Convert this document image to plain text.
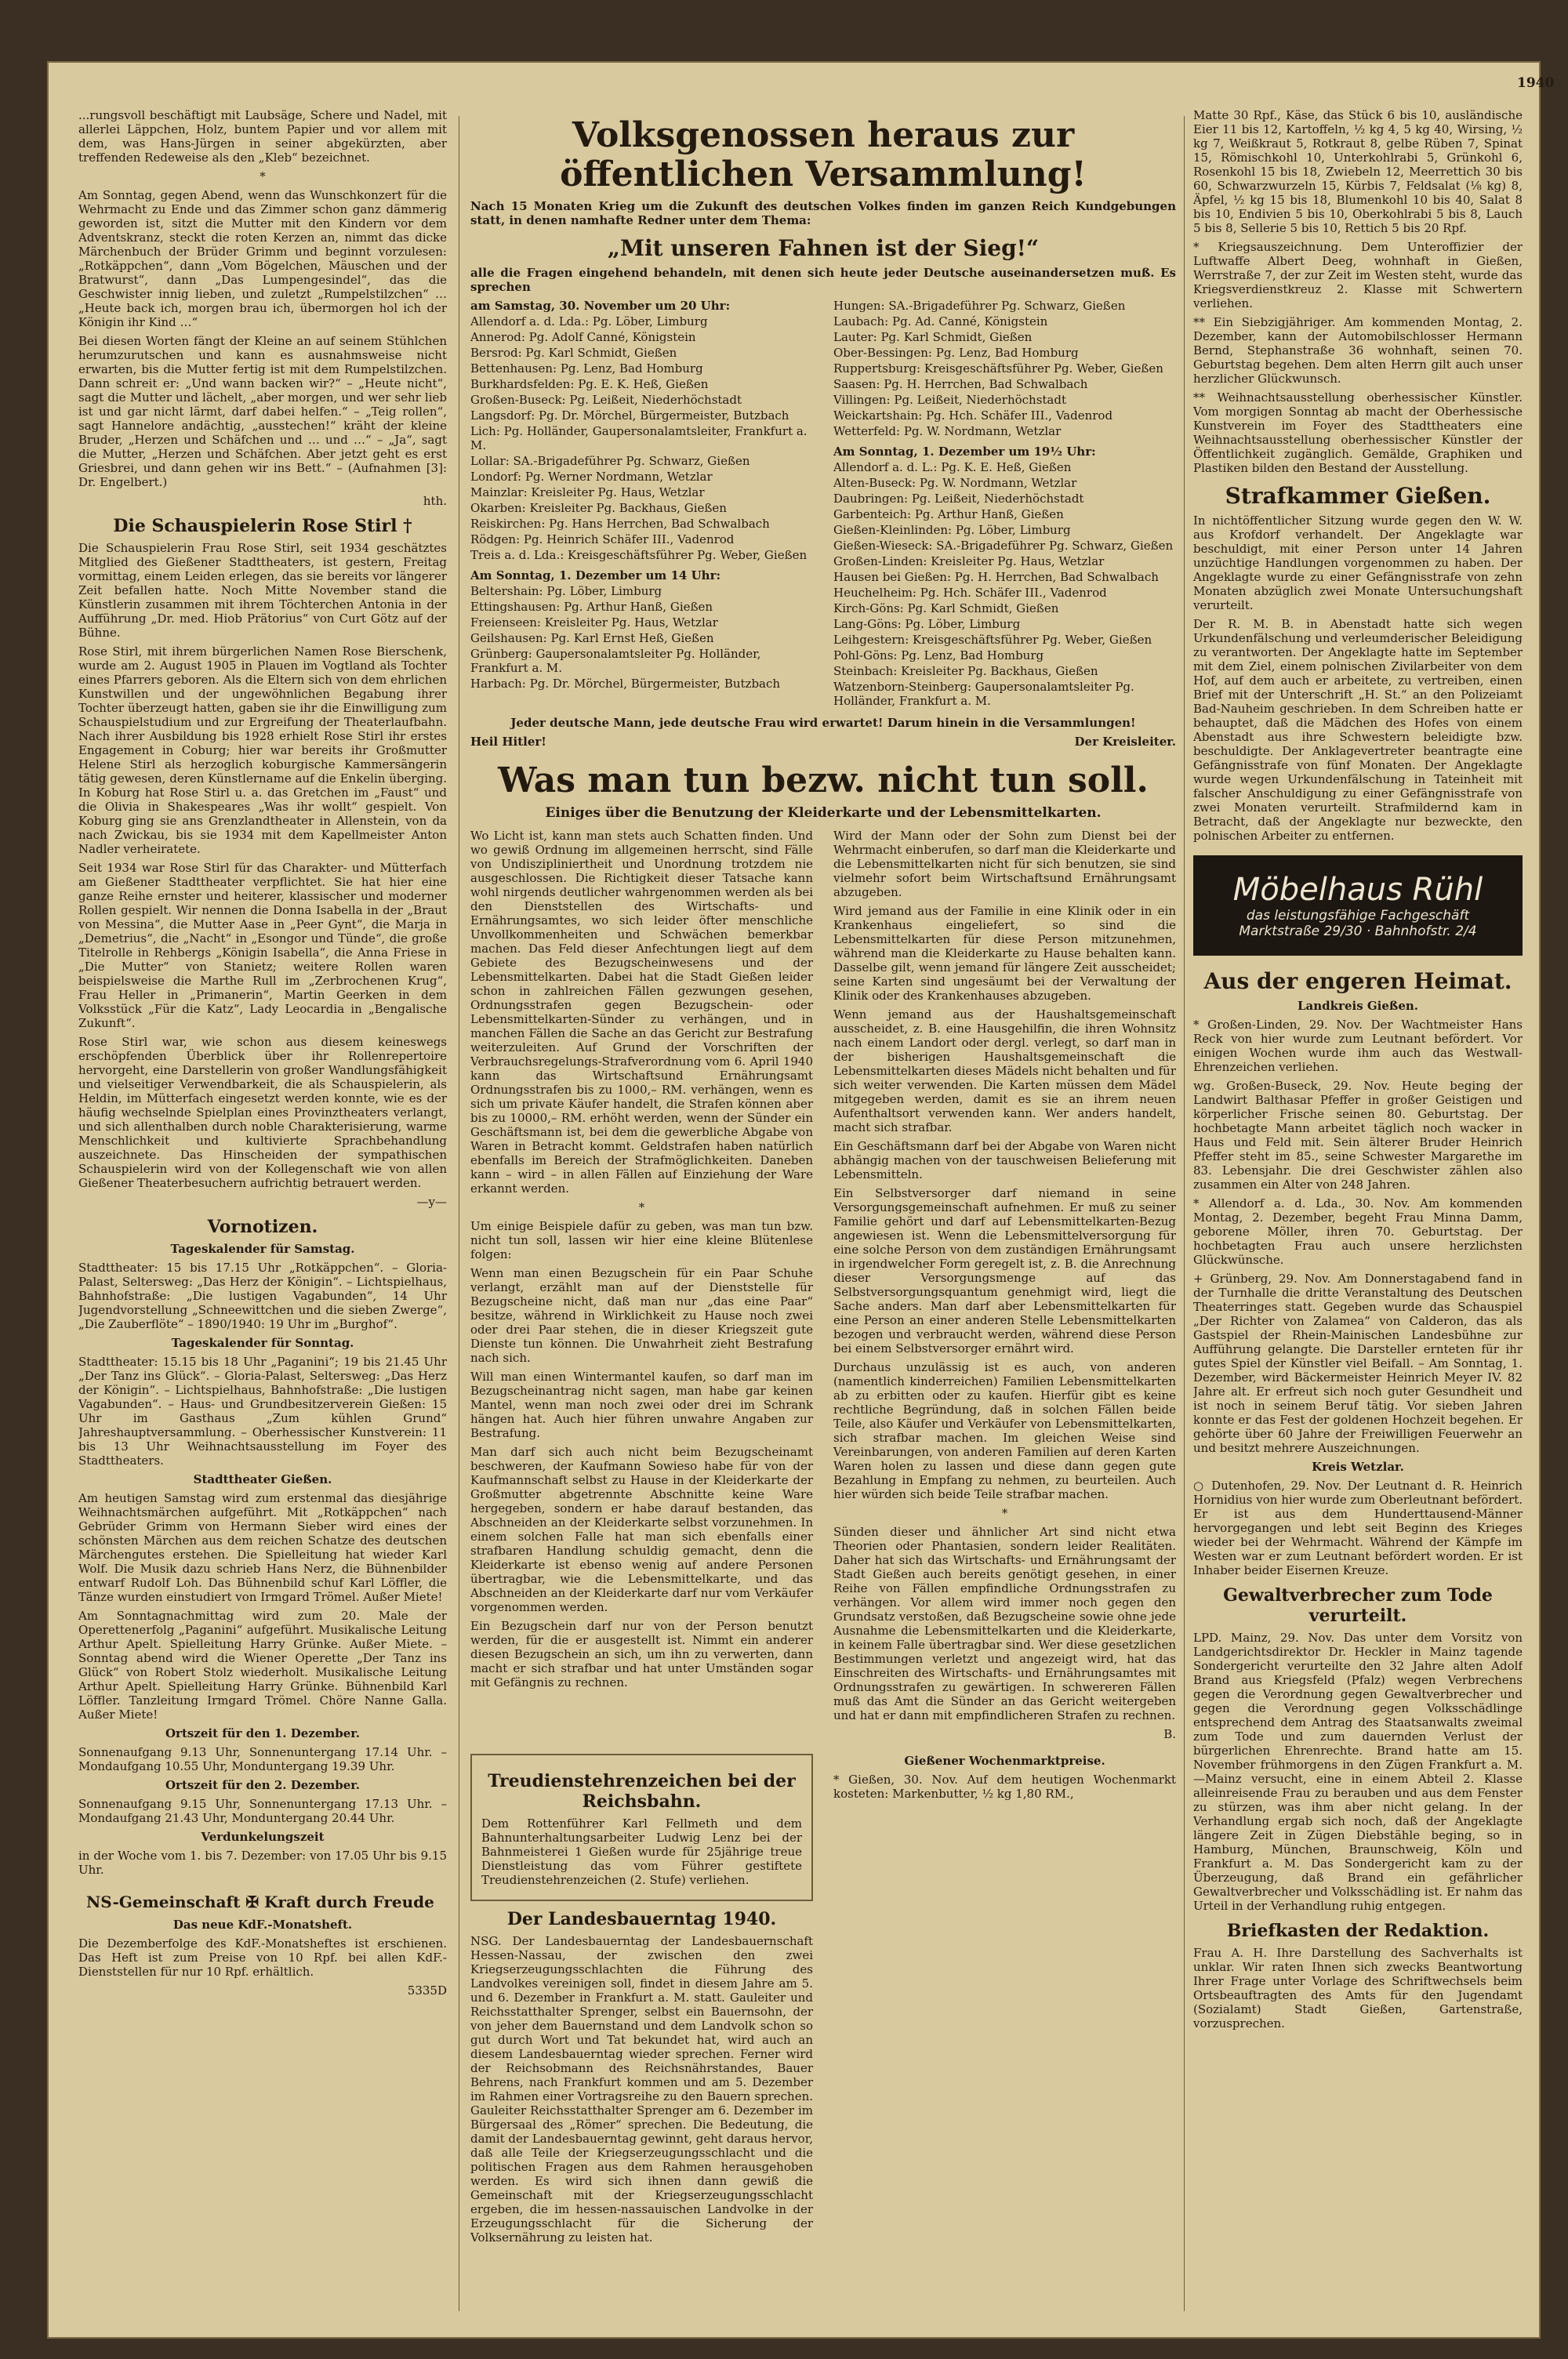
...rungsvoll beschäftigt mit Laubsäge, Schere und Nadel, mit allerlei Läppchen, Holz, buntem Papier und vor allem mit dem, was Hans-Jürgen in seiner abgekürzten, aber treffenden Redeweise als den „Kleb“ bezeichnet.

*

Am Sonntag, gegen Abend, wenn das Wunschkonzert für die Wehrmacht zu Ende und das Zimmer schon ganz dämmerig geworden ist, sitzt die Mutter mit den Kindern vor dem Adventskranz, steckt die roten Kerzen an, nimmt das dicke Märchenbuch der Brüder Grimm und beginnt vorzulesen: „Rotkäppchen“, dann „Vom Bögelchen, Mäuschen und der Bratwurst“, dann „Das Lumpengesindel“, das die Geschwister innig lieben, und zuletzt „Rumpelstilzchen“ … „Heute back ich, morgen brau ich, übermorgen hol ich der Königin ihr Kind …“

Bei diesen Worten fängt der Kleine an auf seinem Stühlchen herumzurutschen und kann es ausnahmsweise nicht erwarten, bis die Mutter fertig ist mit dem Rumpelstilzchen. Dann schreit er: „Und wann backen wir?“ – „Heute nicht“, sagt die Mutter und lächelt, „aber morgen, und wer sehr lieb ist und gar nicht lärmt, darf dabei helfen.“ – „Teig rollen“, sagt Hannelore andächtig, „ausstechen!“ kräht der kleine Bruder, „Herzen und Schäfchen und … und …“ – „Ja“, sagt die Mutter, „Herzen und Schäfchen. Aber jetzt geht es erst Griesbrei, und dann gehen wir ins Bett.“ – (Aufnahmen [3]: Dr. Engelbert.)

hth.

Die Schauspielerin Rose Stirl †

Die Schauspielerin Frau Rose Stirl, seit 1934 geschätztes Mitglied des Gießener Stadttheaters, ist gestern, Freitag vormittag, einem Leiden erlegen, das sie bereits vor längerer Zeit befallen hatte. Noch Mitte November stand die Künstlerin zusammen mit ihrem Töchterchen Antonia in der Aufführung „Dr. med. Hiob Prätorius“ von Curt Götz auf der Bühne.

Rose Stirl, mit ihrem bürgerlichen Namen Rose Bierschenk, wurde am 2. August 1905 in Plauen im Vogtland als Tochter eines Pfarrers geboren. Als die Eltern sich von dem ehrlichen Kunstwillen und der ungewöhnlichen Begabung ihrer Tochter überzeugt hatten, gaben sie ihr die Einwilligung zum Schauspielstudium und zur Ergreifung der Theaterlaufbahn. Nach ihrer Ausbildung bis 1928 erhielt Rose Stirl ihr erstes Engagement in Coburg; hier war bereits ihr Großmutter Helene Stirl als herzoglich koburgische Kammersängerin tätig gewesen, deren Künstlername auf die Enkelin überging. In Koburg hat Rose Stirl u. a. das Gretchen im „Faust“ und die Olivia in Shakespeares „Was ihr wollt“ gespielt. Von Koburg ging sie ans Grenzlandtheater in Allenstein, von da nach Zwickau, bis sie 1934 mit dem Kapellmeister Anton Nadler verheiratete.

Seit 1934 war Rose Stirl für das Charakter- und Mütterfach am Gießener Stadttheater verpflichtet. Sie hat hier eine ganze Reihe ernster und heiterer, klassischer und moderner Rollen gespielt. Wir nennen die Donna Isabella in der „Braut von Messina“, die Mutter Aase in „Peer Gynt“, die Marja in „Demetrius“, die „Nacht“ in „Esongor und Tünde“, die große Titelrolle in Rehbergs „Königin Isabella“, die Anna Friese in „Die Mutter“ von Stanietz; weitere Rollen waren beispielsweise die Marthe Rull im „Zerbrochenen Krug“, Frau Heller in „Primanerin“, Martin Geerken in dem Volksstück „Für die Katz“, Lady Leocardia in „Bengalische Zukunft“.

Rose Stirl war, wie schon aus diesem keineswegs erschöpfenden Überblick über ihr Rollenrepertoire hervorgeht, eine Darstellerin von großer Wandlungsfähigkeit und vielseitiger Verwendbarkeit, die als Schauspielerin, als Heldin, im Mütterfach eingesetzt werden konnte, wie es der häufig wechselnde Spielplan eines Provinztheaters verlangt, und sich allenthalben durch noble Charakterisierung, warme Menschlichkeit und kultivierte Sprachbehandlung auszeichnete. Das Hinscheiden der sympathischen Schauspielerin wird von der Kollegenschaft wie von allen Gießener Theaterbesuchern aufrichtig betrauert werden.

—y—

Vornotizen.

Tageskalender für Samstag.

Stadttheater: 15 bis 17.15 Uhr „Rotkäppchen“. – Gloria-Palast, Seltersweg: „Das Herz der Königin“. – Lichtspielhaus, Bahnhofstraße: „Die lustigen Vagabunden“, 14 Uhr Jugendvorstellung „Schneewittchen und die sieben Zwerge“, „Die Zauberflöte“ – 1890/1940: 19 Uhr im „Burghof“.

Tageskalender für Sonntag.

Stadttheater: 15.15 bis 18 Uhr „Paganini“; 19 bis 21.45 Uhr „Der Tanz ins Glück“. – Gloria-Palast, Seltersweg: „Das Herz der Königin“. – Lichtspielhaus, Bahnhofstraße: „Die lustigen Vagabunden“. – Haus- und Grundbesitzerverein Gießen: 15 Uhr im Gasthaus „Zum kühlen Grund“ Jahreshauptversammlung. – Oberhessischer Kunstverein: 11 bis 13 Uhr Weihnachtsausstellung im Foyer des Stadttheaters.

Stadttheater Gießen.

Am heutigen Samstag wird zum erstenmal das diesjährige Weihnachtsmärchen aufgeführt. Mit „Rotkäppchen“ nach Gebrüder Grimm von Hermann Sieber wird eines der schönsten Märchen aus dem reichen Schatze des deutschen Märchengutes erstehen. Die Spielleitung hat wieder Karl Wolf. Die Musik dazu schrieb Hans Nerz, die Bühnenbilder entwarf Rudolf Loh. Das Bühnenbild schuf Karl Löffler, die Tänze wurden einstudiert von Irmgard Trömel. Außer Miete!

Am Sonntagnachmittag wird zum 20. Male der Operettenerfolg „Paganini“ aufgeführt. Musikalische Leitung Arthur Apelt. Spielleitung Harry Grünke. Außer Miete. – Sonntag abend wird die Wiener Operette „Der Tanz ins Glück“ von Robert Stolz wiederholt. Musikalische Leitung Arthur Apelt. Spielleitung Harry Grünke. Bühnenbild Karl Löffler. Tanzleitung Irmgard Trömel. Chöre Nanne Galla. Außer Miete!

Ortszeit für den 1. Dezember.

Sonnenaufgang 9.13 Uhr, Sonnenuntergang 17.14 Uhr. – Mondaufgang 10.55 Uhr, Monduntergang 19.39 Uhr.

Ortszeit für den 2. Dezember.

Sonnenaufgang 9.15 Uhr, Sonnenuntergang 17.13 Uhr. – Mondaufgang 21.43 Uhr, Monduntergang 20.44 Uhr.

Verdunkelungszeit

in der Woche vom 1. bis 7. Dezember: von 17.05 Uhr bis 9.15 Uhr.

NS-Gemeinschaft ✠ Kraft durch Freude

Das neue KdF.-Monatsheft.

Die Dezemberfolge des KdF.-Monatsheftes ist erschienen. Das Heft ist zum Preise von 10 Rpf. bei allen KdF.-Dienststellen für nur 10 Rpf. erhältlich.

5335D

Volksgenossen heraus zur öffentlichen Versammlung!

Nach 15 Monaten Krieg um die Zukunft des deutschen Volkes finden im ganzen Reich Kundgebungen statt, in denen namhafte Redner unter dem Thema:

„Mit unseren Fahnen ist der Sieg!“

alle die Fragen eingehend behandeln, mit denen sich heute jeder Deutsche auseinandersetzen muß. Es sprechen

am Samstag, 30. November um 20 Uhr:

Allendorf a. d. Lda.: Pg. Löber, Limburg

Annerod: Pg. Adolf Canné, Königstein

Bersrod: Pg. Karl Schmidt, Gießen

Bettenhausen: Pg. Lenz, Bad Homburg

Burkhardsfelden: Pg. E. K. Heß, Gießen

Großen-Buseck: Pg. Leißeit, Niederhöchstadt

Langsdorf: Pg. Dr. Mörchel, Bürgermeister, Butzbach

Lich: Pg. Holländer, Gaupersonalamtsleiter, Frankfurt a. M.

Lollar: SA.-Brigadeführer Pg. Schwarz, Gießen

Londorf: Pg. Werner Nordmann, Wetzlar

Mainzlar: Kreisleiter Pg. Haus, Wetzlar

Okarben: Kreisleiter Pg. Backhaus, Gießen

Reiskirchen: Pg. Hans Herrchen, Bad Schwalbach

Rödgen: Pg. Heinrich Schäfer III., Vadenrod

Treis a. d. Lda.: Kreisgeschäftsführer Pg. Weber, Gießen

Am Sonntag, 1. Dezember um 14 Uhr:

Beltershain: Pg. Löber, Limburg

Ettingshausen: Pg. Arthur Hanß, Gießen

Freienseen: Kreisleiter Pg. Haus, Wetzlar

Geilshausen: Pg. Karl Ernst Heß, Gießen

Grünberg: Gaupersonalamtsleiter Pg. Holländer, Frankfurt a. M.

Harbach: Pg. Dr. Mörchel, Bürgermeister, Butzbach

Hungen: SA.-Brigadeführer Pg. Schwarz, Gießen

Laubach: Pg. Ad. Canné, Königstein

Lauter: Pg. Karl Schmidt, Gießen

Ober-Bessingen: Pg. Lenz, Bad Homburg

Ruppertsburg: Kreisgeschäftsführer Pg. Weber, Gießen

Saasen: Pg. H. Herrchen, Bad Schwalbach

Villingen: Pg. Leißeit, Niederhöchstadt

Weickartshain: Pg. Hch. Schäfer III., Vadenrod

Wetterfeld: Pg. W. Nordmann, Wetzlar

Am Sonntag, 1. Dezember um 19½ Uhr:

Allendorf a. d. L.: Pg. K. E. Heß, Gießen

Alten-Buseck: Pg. W. Nordmann, Wetzlar

Daubringen: Pg. Leißeit, Niederhöchstadt

Garbenteich: Pg. Arthur Hanß, Gießen

Gießen-Kleinlinden: Pg. Löber, Limburg

Gießen-Wieseck: SA.-Brigadeführer Pg. Schwarz, Gießen

Großen-Linden: Kreisleiter Pg. Haus, Wetzlar

Hausen bei Gießen: Pg. H. Herrchen, Bad Schwalbach

Heuchelheim: Pg. Hch. Schäfer III., Vadenrod

Kirch-Göns: Pg. Karl Schmidt, Gießen

Lang-Göns: Pg. Löber, Limburg

Leihgestern: Kreisgeschäftsführer Pg. Weber, Gießen

Pohl-Göns: Pg. Lenz, Bad Homburg

Steinbach: Kreisleiter Pg. Backhaus, Gießen

Watzenborn-Steinberg: Gaupersonalamtsleiter Pg. Holländer, Frankfurt a. M.

Jeder deutsche Mann, jede deutsche Frau wird erwartet! Darum hinein in die Versammlungen!

Heil Hitler!	Der Kreisleiter.
Was man tun bezw. nicht tun soll.
Einiges über die Benutzung der Kleiderkarte und der Lebensmittelkarten.

Wo Licht ist, kann man stets auch Schatten finden. Und wo gewiß Ordnung im allgemeinen herrscht, sind Fälle von Undiszipliniertheit und Unordnung trotzdem nie ausgeschlossen. Die Richtigkeit dieser Tatsache kann wohl nirgends deutlicher wahrgenommen werden als bei den Dienststellen des Wirtschafts- und Ernährungsamtes, wo sich leider öfter menschliche Unvollkommenheiten und Schwächen bemerkbar machen. Das Feld dieser Anfechtungen liegt auf dem Gebiete des Bezugscheinwesens und der Lebensmittelkarten. Dabei hat die Stadt Gießen leider schon in zahlreichen Fällen gezwungen gesehen, Ordnungsstrafen gegen Bezugschein- oder Lebensmittelkarten-Sünder zu verhängen, und in manchen Fällen die Sache an das Gericht zur Bestrafung weiterzuleiten. Auf Grund der Vorschriften der Verbrauchsregelungs-Strafverordnung vom 6. April 1940 kann das Wirtschaftsund Ernährungsamt Ordnungsstrafen bis zu 1000,– RM. verhängen, wenn es sich um private Käufer handelt, die Strafen können aber bis zu 10000,– RM. erhöht werden, wenn der Sünder ein Geschäftsmann ist, bei dem die gewerbliche Abgabe von Waren in Betracht kommt. Geldstrafen haben natürlich ebenfalls im Bereich der Strafmöglichkeiten. Daneben kann – wird – in allen Fällen auf Einziehung der Ware erkannt werden.

*

Um einige Beispiele dafür zu geben, was man tun bzw. nicht tun soll, lassen wir hier eine kleine Blütenlese folgen:

Wenn man einen Bezugschein für ein Paar Schuhe verlangt, erzählt man auf der Dienststelle für Bezugscheine nicht, daß man nur „das eine Paar“ besitze, während in Wirklichkeit zu Hause noch zwei oder drei Paar stehen, die in dieser Kriegszeit gute Dienste tun können. Die Unwahrheit zieht Bestrafung nach sich.

Will man einen Wintermantel kaufen, so darf man im Bezugscheinantrag nicht sagen, man habe gar keinen Mantel, wenn man noch zwei oder drei im Schrank hängen hat. Auch hier führen unwahre Angaben zur Bestrafung.

Man darf sich auch nicht beim Bezugscheinamt beschweren, der Kaufmann Sowieso habe für von der Kaufmannschaft selbst zu Hause in der Kleiderkarte der Großmutter abgetrennte Abschnitte keine Ware hergegeben, sondern er habe darauf bestanden, das Abschneiden an der Kleiderkarte selbst vorzunehmen. In einem solchen Falle hat man sich ebenfalls einer strafbaren Handlung schuldig gemacht, denn die Kleiderkarte ist ebenso wenig auf andere Personen übertragbar, wie die Lebensmittelkarte, und das Abschneiden an der Kleiderkarte darf nur vom Verkäufer vorgenommen werden.

Ein Bezugschein darf nur von der Person benutzt werden, für die er ausgestellt ist. Nimmt ein anderer diesen Bezugschein an sich, um ihn zu verwerten, dann macht er sich strafbar und hat unter Umständen sogar mit Gefängnis zu rechnen.

Wird der Mann oder der Sohn zum Dienst bei der Wehrmacht einberufen, so darf man die Kleiderkarte und die Lebensmittelkarten nicht für sich benutzen, sie sind vielmehr sofort beim Wirtschaftsund Ernährungsamt abzugeben.

Wird jemand aus der Familie in eine Klinik oder in ein Krankenhaus eingeliefert, so sind die Lebensmittelkarten für diese Person mitzunehmen, während man die Kleiderkarte zu Hause behalten kann. Dasselbe gilt, wenn jemand für längere Zeit ausscheidet; seine Karten sind ungesäumt bei der Verwaltung der Klinik oder des Krankenhauses abzugeben.

Wenn jemand aus der Haushaltsgemeinschaft ausscheidet, z. B. eine Hausgehilfin, die ihren Wohnsitz nach einem Landort oder dergl. verlegt, so darf man in der bisherigen Haushaltsgemeinschaft die Lebensmittelkarten dieses Mädels nicht behalten und für sich weiter verwenden. Die Karten müssen dem Mädel mitgegeben werden, damit es sie an ihrem neuen Aufenthaltsort verwenden kann. Wer anders handelt, macht sich strafbar.

Ein Geschäftsmann darf bei der Abgabe von Waren nicht abhängig machen von der tauschweisen Belieferung mit Lebensmitteln.

Ein Selbstversorger darf niemand in seine Versorgungsgemeinschaft aufnehmen. Er muß zu seiner Familie gehört und darf auf Lebensmittelkarten-Bezug angewiesen ist. Wenn die Lebensmittelversorgung für eine solche Person von dem zuständigen Ernährungsamt in irgendwelcher Form geregelt ist, z. B. die Anrechnung dieser Versorgungsmenge auf das Selbstversorgungsquantum genehmigt wird, liegt die Sache anders. Man darf aber Lebensmittelkarten für eine Person an einer anderen Stelle Lebensmittelkarten bezogen und verbraucht werden, während diese Person bei einem Selbstversorger ernährt wird.

Durchaus unzulässig ist es auch, von anderen (namentlich kinderreichen) Familien Lebensmittelkarten ab zu erbitten oder zu kaufen. Hierfür gibt es keine rechtliche Begründung, daß in solchen Fällen beide Teile, also Käufer und Verkäufer von Lebensmittelkarten, sich strafbar machen. Im gleichen Weise sind Vereinbarungen, von anderen Familien auf deren Karten Waren holen zu lassen und diese dann gegen gute Bezahlung in Empfang zu nehmen, zu beurteilen. Auch hier würden sich beide Teile strafbar machen.

*

Sünden dieser und ähnlicher Art sind nicht etwa Theorien oder Phantasien, sondern leider Realitäten. Daher hat sich das Wirtschafts- und Ernährungsamt der Stadt Gießen auch bereits genötigt gesehen, in einer Reihe von Fällen empfindliche Ordnungsstrafen zu verhängen. Vor allem wird immer noch gegen den Grundsatz verstoßen, daß Bezugscheine sowie ohne jede Ausnahme die Lebensmittelkarten und die Kleiderkarte, in keinem Falle übertragbar sind. Wer diese gesetzlichen Bestimmungen verletzt und angezeigt wird, hat das Einschreiten des Wirtschafts- und Ernährungsamtes mit Ordnungsstrafen zu gewärtigen. In schwereren Fällen muß das Amt die Sünder an das Gericht weitergeben und hat er dann mit empfindlicheren Strafen zu rechnen.

B.

Treudienstehrenzeichen bei der Reichsbahn.

Dem Rottenführer Karl Fellmeth und dem Bahnunterhaltungsarbeiter Ludwig Lenz bei der Bahnmeisterei 1 Gießen wurde für 25jährige treue Dienstleistung das vom Führer gestiftete Treudienstehrenzeichen (2. Stufe) verliehen.

Der Landesbauerntag 1940.

NSG. Der Landesbauerntag der Landesbauernschaft Hessen-Nassau, der zwischen den zwei Kriegserzeugungsschlachten die Führung des Landvolkes vereinigen soll, findet in diesem Jahre am 5. und 6. Dezember in Frankfurt a. M. statt. Gauleiter und Reichsstatthalter Sprenger, selbst ein Bauernsohn, der von jeher dem Bauernstand und dem Landvolk schon so gut durch Wort und Tat bekundet hat, wird auch an diesem Landesbauerntag wieder sprechen. Ferner wird der Reichsobmann des Reichsnährstandes, Bauer Behrens, nach Frankfurt kommen und am 5. Dezember im Rahmen einer Vortragsreihe zu den Bauern sprechen. Gauleiter Reichsstatthalter Sprenger am 6. Dezember im Bürgersaal des „Römer“ sprechen. Die Bedeutung, die damit der Landesbauerntag gewinnt, geht daraus hervor, daß alle Teile der Kriegserzeugungsschlacht und die politischen Fragen aus dem Rahmen herausgehoben werden. Es wird sich ihnen dann gewiß die Gemeinschaft mit der Kriegserzeugungsschlacht ergeben, die im hessen-nassauischen Landvolke in der Erzeugungsschlacht für die Sicherung der Volksernährung zu leisten hat.

Gießener Wochenmarktpreise.

* Gießen, 30. Nov. Auf dem heutigen Wochenmarkt kosteten: Markenbutter, ½ kg 1,80 RM.,

Matte 30 Rpf., Käse, das Stück 6 bis 10, ausländische Eier 11 bis 12, Kartoffeln, ½ kg 4, 5 kg 40, Wirsing, ½ kg 7, Weißkraut 5, Rotkraut 8, gelbe Rüben 7, Spinat 15, Römischkohl 10, Unterkohlrabi 5, Grünkohl 6, Rosenkohl 15 bis 18, Zwiebeln 12, Meerrettich 30 bis 60, Schwarzwurzeln 15, Kürbis 7, Feldsalat (⅛ kg) 8, Äpfel, ½ kg 15 bis 18, Blumenkohl 10 bis 40, Salat 8 bis 10, Endivien 5 bis 10, Oberkohlrabi 5 bis 8, Lauch 5 bis 8, Sellerie 5 bis 10, Rettich 5 bis 20 Rpf.

* Kriegsauszeichnung. Dem Unteroffizier der Luftwaffe Albert Deeg, wohnhaft in Gießen, Werrstraße 7, der zur Zeit im Westen steht, wurde das Kriegsverdienstkreuz 2. Klasse mit Schwertern verliehen.

** Ein Siebzigjähriger. Am kommenden Montag, 2. Dezember, kann der Automobilschlosser Hermann Bernd, Stephanstraße 36 wohnhaft, seinen 70. Geburtstag begehen. Dem alten Herrn gilt auch unser herzlicher Glückwunsch.

** Weihnachtsausstellung oberhessischer Künstler. Vom morgigen Sonntag ab macht der Oberhessische Kunstverein im Foyer des Stadttheaters eine Weihnachtsausstellung oberhessischer Künstler der Öffentlichkeit zugänglich. Gemälde, Graphiken und Plastiken bilden den Bestand der Ausstellung.

Strafkammer Gießen.

In nichtöffentlicher Sitzung wurde gegen den W. W. aus Krofdorf verhandelt. Der Angeklagte war beschuldigt, mit einer Person unter 14 Jahren unzüchtige Handlungen vorgenommen zu haben. Der Angeklagte wurde zu einer Gefängnisstrafe von zehn Monaten abzüglich zwei Monate Untersuchungshaft verurteilt.

Der R. M. B. in Abenstadt hatte sich wegen Urkundenfälschung und verleumderischer Beleidigung zu verantworten. Der Angeklagte hatte im September mit dem Ziel, einem polnischen Zivilarbeiter von dem Hof, auf dem auch er arbeitete, zu vertreiben, einen Brief mit der Unterschrift „H. St.“ an den Polizeiamt Bad-Nauheim geschrieben. In dem Schreiben hatte er behauptet, daß die Mädchen des Hofes von einem Abenstadt aus ihre Schwestern beleidigte bzw. beschuldigte. Der Anklagevertreter beantragte eine Gefängnisstrafe von fünf Monaten. Der Angeklagte wurde wegen Urkundenfälschung in Tateinheit mit falscher Anschuldigung zu einer Gefängnisstrafe von zwei Monaten verurteilt. Strafmildernd kam in Betracht, daß der Angeklagte nur bezweckte, den polnischen Arbeiter zu entfernen.

Möbelhaus Rühl
das leistungsfähige Fachgeschäft
Marktstraße 29/30 · Bahnhofstr. 2/4
Aus der engeren Heimat.

Landkreis Gießen.

* Großen-Linden, 29. Nov. Der Wachtmeister Hans Reck von hier wurde zum Leutnant befördert. Vor einigen Wochen wurde ihm auch das Westwall-Ehrenzeichen verliehen.

wg. Großen-Buseck, 29. Nov. Heute beging der Landwirt Balthasar Pfeffer in großer Geistigen und körperlicher Frische seinen 80. Geburtstag. Der hochbetagte Mann arbeitet täglich noch wacker in Haus und Feld mit. Sein älterer Bruder Heinrich Pfeffer steht im 85., seine Schwester Margarethe im 83. Lebensjahr. Die drei Geschwister zählen also zusammen ein Alter von 248 Jahren.

* Allendorf a. d. Lda., 30. Nov. Am kommenden Montag, 2. Dezember, begeht Frau Minna Damm, geborene Möller, ihren 70. Geburtstag. Der hochbetagten Frau auch unsere herzlichsten Glückwünsche.

+ Grünberg, 29. Nov. Am Donnerstagabend fand in der Turnhalle die dritte Veranstaltung des Deutschen Theaterringes statt. Gegeben wurde das Schauspiel „Der Richter von Zalamea“ von Calderon, das als Gastspiel der Rhein-Mainischen Landesbühne zur Aufführung gelangte. Die Darsteller ernteten für ihr gutes Spiel der Künstler viel Beifall. – Am Sonntag, 1. Dezember, wird Bäckermeister Heinrich Meyer IV. 82 Jahre alt. Er erfreut sich noch guter Gesundheit und ist noch in seinem Beruf tätig. Vor sieben Jahren konnte er das Fest der goldenen Hochzeit begehen. Er gehörte über 60 Jahre der Freiwilligen Feuerwehr an und besitzt mehrere Auszeichnungen.

Kreis Wetzlar.

○ Dutenhofen, 29. Nov. Der Leutnant d. R. Heinrich Hornidius von hier wurde zum Oberleutnant befördert. Er ist aus dem Hunderttausend-Männer hervorgegangen und lebt seit Beginn des Krieges wieder bei der Wehrmacht. Während der Kämpfe im Westen war er zum Leutnant befördert worden. Er ist Inhaber beider Eisernen Kreuze.

Gewaltverbrecher zum Tode verurteilt.

LPD. Mainz, 29. Nov. Das unter dem Vorsitz von Landgerichtsdirektor Dr. Heckler in Mainz tagende Sondergericht verurteilte den 32 Jahre alten Adolf Brand aus Kriegsfeld (Pfalz) wegen Verbrechens gegen die Verordnung gegen Gewaltverbrecher und gegen die Verordnung gegen Volksschädlinge entsprechend dem Antrag des Staatsanwalts zweimal zum Tode und zum dauernden Verlust der bürgerlichen Ehrenrechte. Brand hatte am 15. November frühmorgens in den Zügen Frankfurt a. M.—Mainz versucht, eine in einem Abteil 2. Klasse alleinreisende Frau zu berauben und aus dem Fenster zu stürzen, was ihm aber nicht gelang. In der Verhandlung ergab sich noch, daß der Angeklagte längere Zeit in Zügen Diebstähle beging, so in Hamburg, München, Braunschweig, Köln und Frankfurt a. M. Das Sondergericht kam zu der Überzeugung, daß Brand ein gefährlicher Gewaltverbrecher und Volksschädling ist. Er nahm das Urteil in der Verhandlung ruhig entgegen.

Briefkasten der Redaktion.

Frau A. H. Ihre Darstellung des Sachverhalts ist unklar. Wir raten Ihnen sich zwecks Beantwortung Ihrer Frage unter Vorlage des Schriftwechsels beim Ortsbeauftragten des Amts für den Jugendamt (Sozialamt) Stadt Gießen, Gartenstraße, vorzusprechen.

1940
